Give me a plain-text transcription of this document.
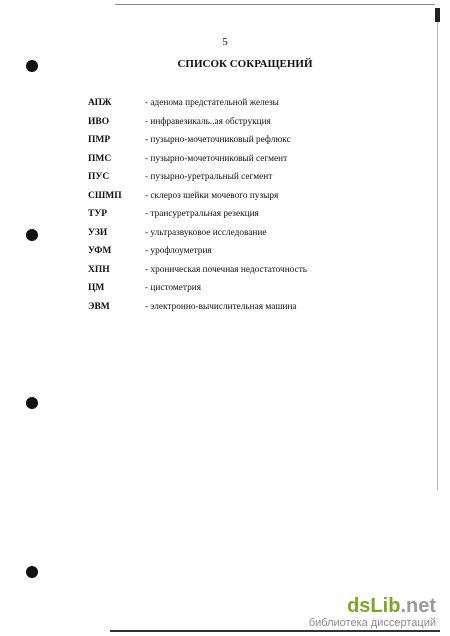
5
СПИСОК СОКРАЩЕНИЙ
АПЖ	- аденома предстательной железы
ИВО	- инфравезикаль..ая обструкция
ПМР	- пузырно-мочеточниковый рефлюкс
ПМС	- пузырно-мочеточниковый сегмент
ПУС	- пузырно-уретральный сегмент
СШМП	- склероз шейки мочевого пузыря
ТУР	- трансуретральная резекция
УЗИ	- ультразвуковое исследование
УФМ	- урофлоуметрия
ХПН	- хроническая почечная недостаточность
ЦМ	- цистометрия
ЭВМ	- электронно-вычислительная машина
dsLib.net
библиотека диссертаций
